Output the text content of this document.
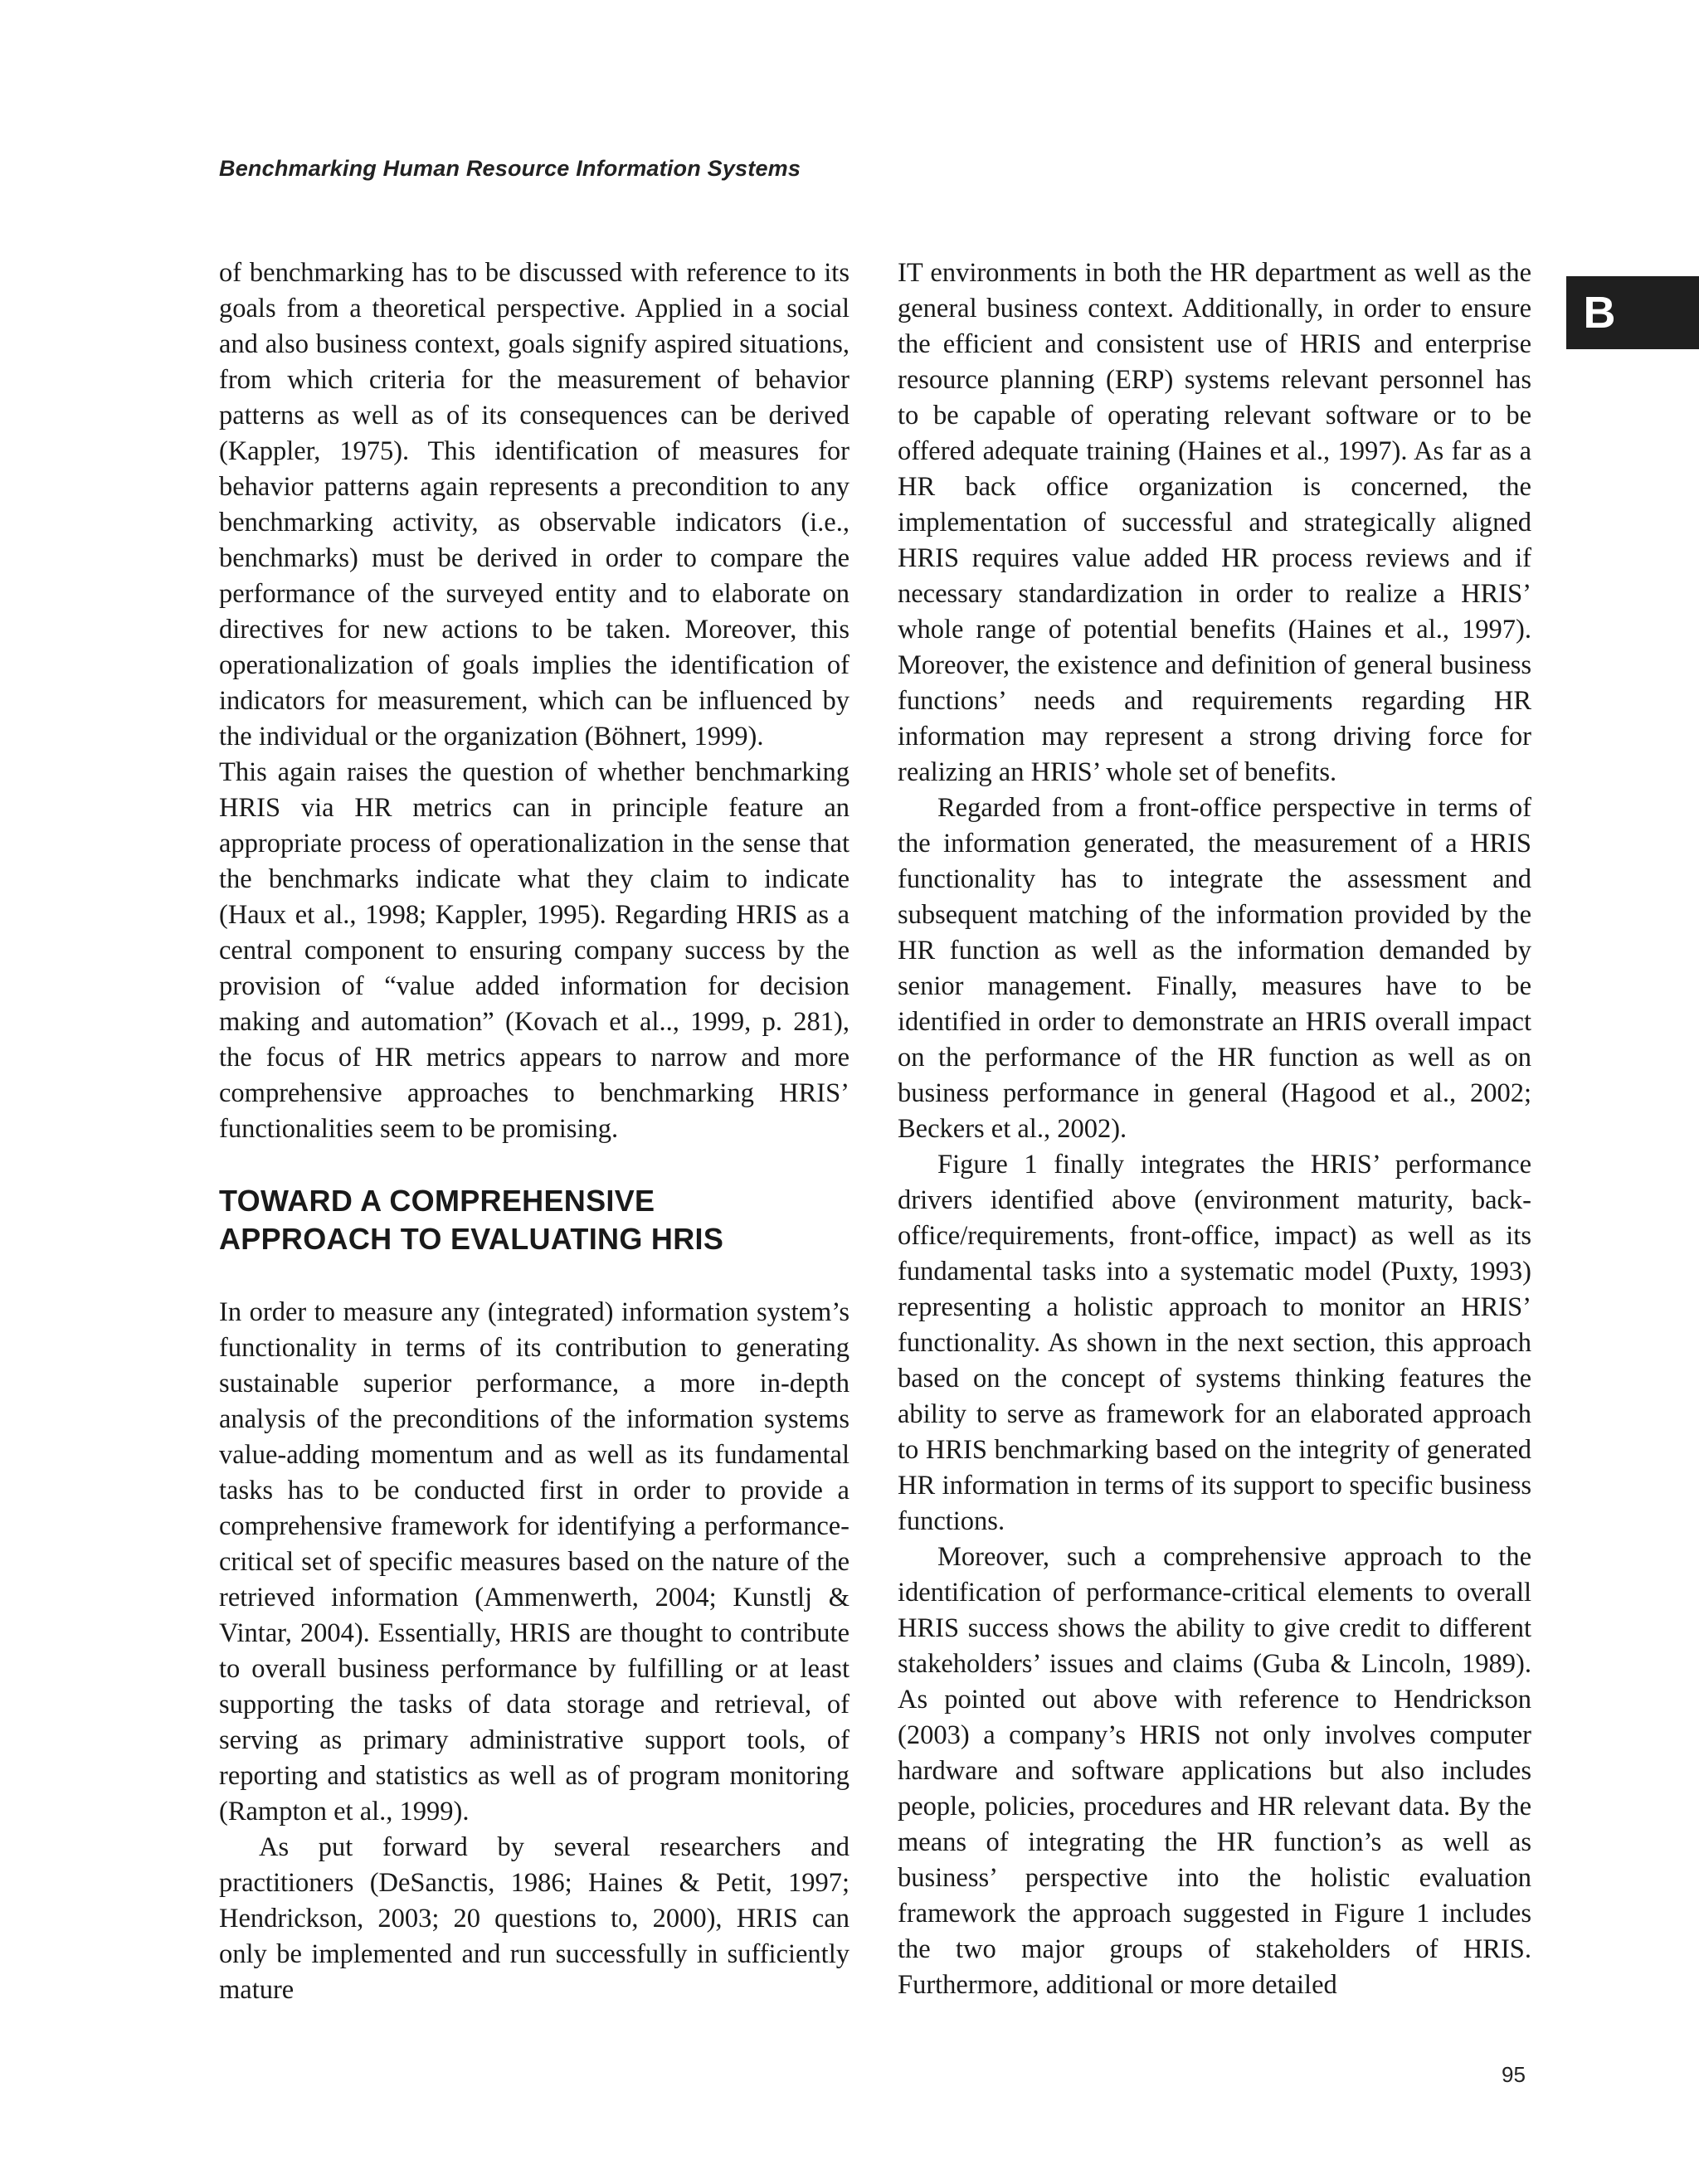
Benchmarking Human Resource Information Systems
B

of benchmarking has to be discussed with reference to its goals from a theoretical perspective. Applied in a social and also business context, goals signify aspired situations, from which criteria for the measurement of behavior patterns as well as of its consequences can be derived (Kappler, 1975). This identification of measures for behavior patterns again represents a precondition to any benchmarking activity, as observable indicators (i.e., benchmarks) must be derived in order to compare the performance of the surveyed entity and to elaborate on directives for new actions to be taken. Moreover, this operationalization of goals implies the identification of indicators for measurement, which can be influenced by the individual or the organization (Böhnert, 1999).

This again raises the question of whether benchmarking HRIS via HR metrics can in principle feature an appropriate process of operationalization in the sense that the benchmarks indicate what they claim to indicate (Haux et al., 1998; Kappler, 1995). Regarding HRIS as a central component to ensuring company success by the provision of “value added information for decision making and automation” (Kovach et al.., 1999, p. 281), the focus of HR metrics appears to narrow and more comprehensive approaches to benchmarking HRIS’ functionalities seem to be promising.

TOWARD A COMPREHENSIVE
APPROACH TO EVALUATING HRIS

In order to measure any (integrated) information system’s functionality in terms of its contribution to generating sustainable superior performance, a more in-depth analysis of the preconditions of the information systems value-adding momentum and as well as its fundamental tasks has to be conducted first in order to provide a comprehensive framework for identifying a performance-critical set of specific measures based on the nature of the retrieved information (Ammenwerth, 2004; Kunstlj & Vintar, 2004). Essentially, HRIS are thought to contribute to overall business performance by fulfilling or at least supporting the tasks of data storage and retrieval, of serving as primary administrative support tools, of reporting and statistics as well as of program monitoring (Rampton et al., 1999).

As put forward by several researchers and practitioners (DeSanctis, 1986; Haines & Petit, 1997; Hendrickson, 2003; 20 questions to, 2000), HRIS can only be implemented and run successfully in sufficiently mature

IT environments in both the HR department as well as the general business context. Additionally, in order to ensure the efficient and consistent use of HRIS and enterprise resource planning (ERP) systems relevant personnel has to be capable of operating relevant software or to be offered adequate training (Haines et al., 1997). As far as a HR back office organization is concerned, the implementation of successful and strategically aligned HRIS requires value added HR process reviews and if necessary standardization in order to realize a HRIS’ whole range of potential benefits (Haines et al., 1997). Moreover, the existence and definition of general business functions’ needs and requirements regarding HR information may represent a strong driving force for realizing an HRIS’ whole set of benefits.

Regarded from a front-office perspective in terms of the information generated, the measurement of a HRIS functionality has to integrate the assessment and subsequent matching of the information provided by the HR function as well as the information demanded by senior management. Finally, measures have to be identified in order to demonstrate an HRIS overall impact on the performance of the HR function as well as on business performance in general (Hagood et al., 2002; Beckers et al., 2002).

Figure 1 finally integrates the HRIS’ performance drivers identified above (environment maturity, back-office/requirements, front-office, impact) as well as its fundamental tasks into a systematic model (Puxty, 1993) representing a holistic approach to monitor an HRIS’ functionality. As shown in the next section, this approach based on the concept of systems thinking features the ability to serve as framework for an elaborated approach to HRIS benchmarking based on the integrity of generated HR information in terms of its support to specific business functions.

Moreover, such a comprehensive approach to the identification of performance-critical elements to overall HRIS success shows the ability to give credit to different stakeholders’ issues and claims (Guba & Lincoln, 1989). As pointed out above with reference to Hendrickson (2003) a company’s HRIS not only involves computer hardware and software applications but also includes people, policies, procedures and HR relevant data. By the means of integrating the HR function’s as well as business’ perspective into the holistic evaluation framework the approach suggested in Figure 1 includes the two major groups of stakeholders of HRIS. Furthermore, additional or more detailed

95
